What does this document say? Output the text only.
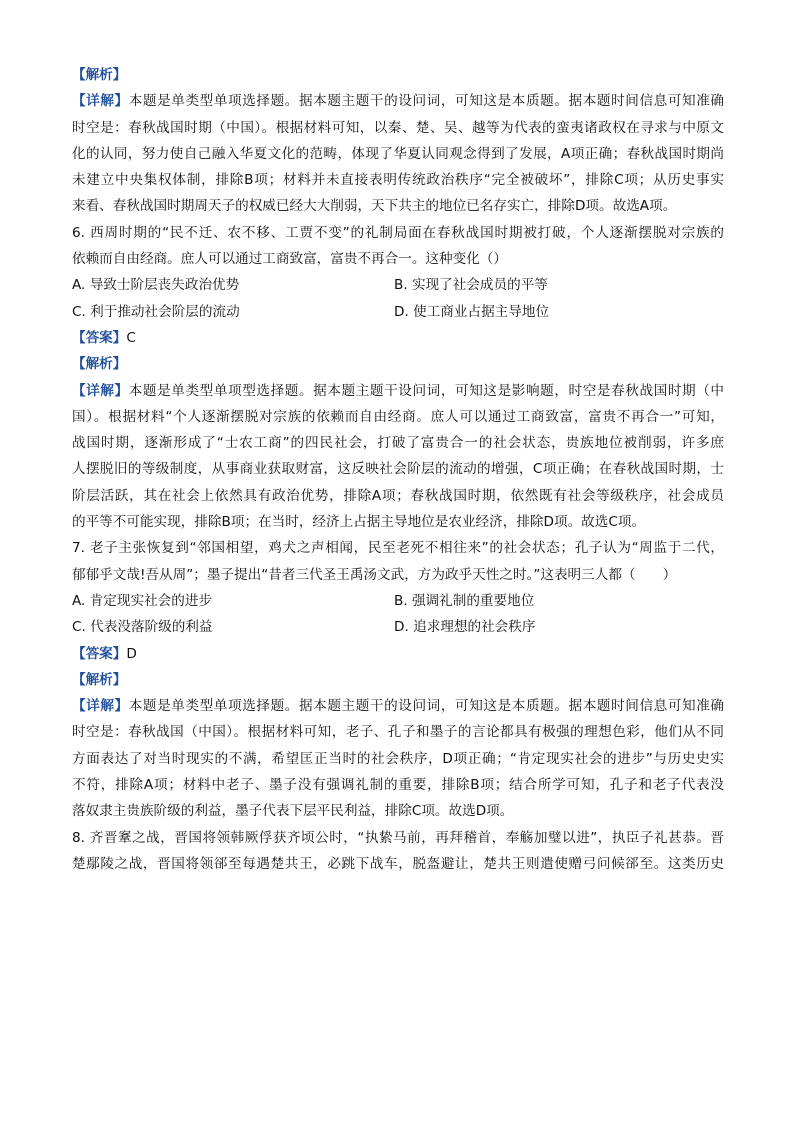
【解析】
【详解】本题是单类型单项选择题。据本题主题干的设问词，可知这是本质题。据本题时间信息可知准确
时空是：春秋战国时期（中国）。根据材料可知，以秦、楚、吴、越等为代表的蛮夷诸政权在寻求与中原文
化的认同，努力使自己融入华夏文化的范畴，体现了华夏认同观念得到了发展，A项正确；春秋战国时期尚
未建立中央集权体制，排除B项；材料并未直接表明传统政治秩序“完全被破坏”，排除C项；从历史事实
来看、春秋战国时期周天子的权威已经大大削弱，天下共主的地位已名存实亡，排除D项。故选A项。
6. 西周时期的“民不迁、农不移、工贾不变”的礼制局面在春秋战国时期被打破，个人逐渐摆脱对宗族的
依赖而自由经商。庶人可以通过工商致富，富贵不再合一。这种变化（）
A. 导致士阶层丧失政治优势	B. 实现了社会成员的平等
C. 利于推动社会阶层的流动	D. 使工商业占据主导地位
【答案】C
【解析】
【详解】本题是单类型单项型选择题。据本题主题干设问词，可知这是影响题，时空是春秋战国时期（中
国）。根据材料“个人逐渐摆脱对宗族的依赖而自由经商。庶人可以通过工商致富，富贵不再合一”可知，
战国时期，逐渐形成了“士农工商”的四民社会，打破了富贵合一的社会状态，贵族地位被削弱，许多庶
人摆脱旧的等级制度，从事商业获取财富，这反映社会阶层的流动的增强，C项正确；在春秋战国时期，士
阶层活跃，其在社会上依然具有政治优势，排除A项；春秋战国时期，依然既有社会等级秩序，社会成员
的平等不可能实现，排除B项；在当时，经济上占据主导地位是农业经济，排除D项。故选C项。
7. 老子主张恢复到“邻国相望，鸡犬之声相闻，民至老死不相往来”的社会状态；孔子认为“周监于二代，
郁郁乎文哉!吾从周”；墨子提出“昔者三代圣王禹汤文武，方为政乎天性之时。”这表明三人都（　　）
A. 肯定现实社会的进步	B. 强调礼制的重要地位
C. 代表没落阶级的利益	D. 追求理想的社会秩序
【答案】D
【解析】
【详解】本题是单类型单项选择题。据本题主题干的设问词，可知这是本质题。据本题时间信息可知准确
时空是：春秋战国（中国）。根据材料可知，老子、孔子和墨子的言论都具有极强的理想色彩，他们从不同
方面表达了对当时现实的不满，希望匡正当时的社会秩序，D项正确；“肯定现实社会的进步”与历史史实
不符，排除A项；材料中老子、墨子没有强调礼制的重要，排除B项；结合所学可知，孔子和老子代表没
落奴隶主贵族阶级的利益，墨子代表下层平民利益，排除C项。故选D项。
8. 齐晋鞌之战，晋国将领韩厥俘获齐顷公时，“执絷马前，再拜稽首，奉觞加璧以进”，执臣子礼甚恭。晋
楚鄢陵之战，晋国将领郤至每遇楚共王，必跳下战车，脱盔避让，楚共王则遣使赠弓问候郤至。这类历史
